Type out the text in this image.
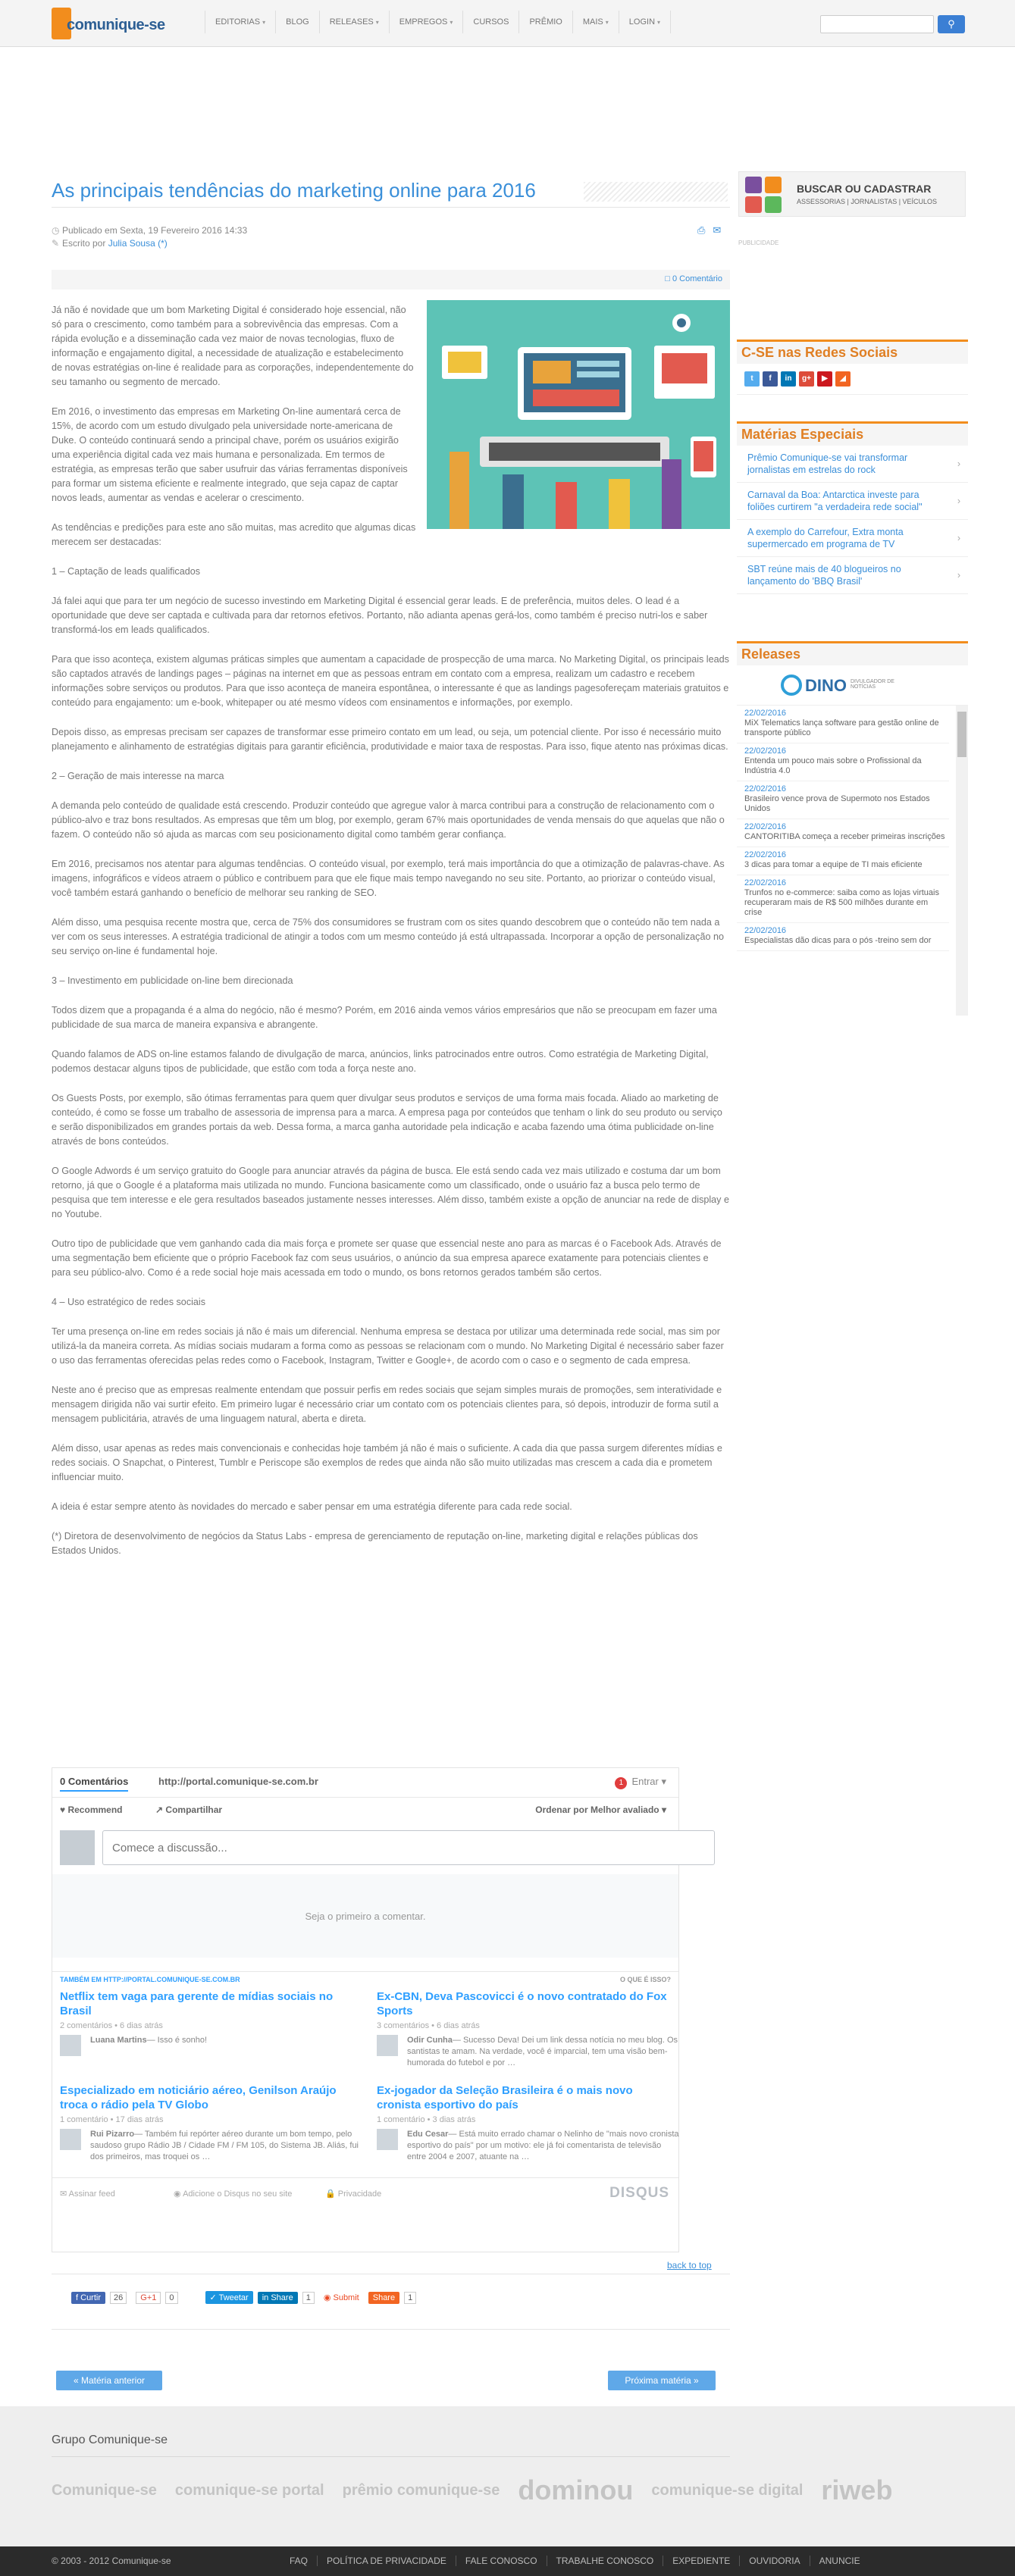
comunique-se	EDITORIAS ▾	BLOG	RELEASES ▾	EMPREGOS ▾	CURSOS	PRÊMIO	MAIS ▾	LOGIN ▾	⚲
As principais tendências do marketing online para 2016
◷ Publicado em Sexta, 19 Fevereiro 2016 14:33
✎ Escrito por Julia Sousa (*)
⎙ ✉
□ 0 Comentário

Já não é novidade que um bom Marketing Digital é considerado hoje essencial, não só para o crescimento, como também para a sobrevivência das empresas. Com a rápida evolução e a disseminação cada vez maior de novas tecnologias, fluxo de informação e engajamento digital, a necessidade de atualização e estabelecimento de novas estratégias on-line é realidade para as corporações, independentemente do seu tamanho ou segmento de mercado.

Em 2016, o investimento das empresas em Marketing On-line aumentará cerca de 15%, de acordo com um estudo divulgado pela universidade norte-americana de Duke. O conteúdo continuará sendo a principal chave, porém os usuários exigirão uma experiência digital cada vez mais humana e personalizada. Em termos de estratégia, as empresas terão que saber usufruir das várias ferramentas disponíveis para formar um sistema eficiente e realmente integrado, que seja capaz de captar novos leads, aumentar as vendas e acelerar o crescimento.

As tendências e predições para este ano são muitas, mas acredito que algumas dicas merecem ser destacadas:

1 – Captação de leads qualificados

Já falei aqui que para ter um negócio de sucesso investindo em Marketing Digital é essencial gerar leads. E de preferência, muitos deles. O lead é a oportunidade que deve ser captada e cultivada para dar retornos efetivos. Portanto, não adianta apenas gerá-los, como também é preciso nutri-los e saber transformá-los em leads qualificados.

Para que isso aconteça, existem algumas práticas simples que aumentam a capacidade de prospecção de uma marca. No Marketing Digital, os principais leads são captados através de landings pages – páginas na internet em que as pessoas entram em contato com a empresa, realizam um cadastro e recebem informações sobre serviços ou produtos. Para que isso aconteça de maneira espontânea, o interessante é que as landings pagesofereçam materiais gratuitos e conteúdo para engajamento: um e-book, whitepaper ou até mesmo vídeos com ensinamentos e informações, por exemplo.

Depois disso, as empresas precisam ser capazes de transformar esse primeiro contato em um lead, ou seja, um potencial cliente. Por isso é necessário muito planejamento e alinhamento de estratégias digitais para garantir eficiência, produtividade e maior taxa de respostas. Para isso, fique atento nas próximas dicas.

2 – Geração de mais interesse na marca

A demanda pelo conteúdo de qualidade está crescendo. Produzir conteúdo que agregue valor à marca contribui para a construção de relacionamento com o público-alvo e traz bons resultados. As empresas que têm um blog, por exemplo, geram 67% mais oportunidades de venda mensais do que aquelas que não o fazem. O conteúdo não só ajuda as marcas com seu posicionamento digital como também gerar confiança.

Em 2016, precisamos nos atentar para algumas tendências. O conteúdo visual, por exemplo, terá mais importância do que a otimização de palavras-chave. As imagens, infográficos e vídeos atraem o público e contribuem para que ele fique mais tempo navegando no seu site. Portanto, ao priorizar o conteúdo visual, você também estará ganhando o benefício de melhorar seu ranking de SEO.

Além disso, uma pesquisa recente mostra que, cerca de 75% dos consumidores se frustram com os sites quando descobrem que o conteúdo não tem nada a ver com os seus interesses. A estratégia tradicional de atingir a todos com um mesmo conteúdo já está ultrapassada. Incorporar a opção de personalização no seu serviço on-line é fundamental hoje.

3 – Investimento em publicidade on-line bem direcionada

Todos dizem que a propaganda é a alma do negócio, não é mesmo? Porém, em 2016 ainda vemos vários empresários que não se preocupam em fazer uma publicidade de sua marca de maneira expansiva e abrangente.

Quando falamos de ADS on-line estamos falando de divulgação de marca, anúncios, links patrocinados entre outros. Como estratégia de Marketing Digital, podemos destacar alguns tipos de publicidade, que estão com toda a força neste ano.

Os Guests Posts, por exemplo, são ótimas ferramentas para quem quer divulgar seus produtos e serviços de uma forma mais focada. Aliado ao marketing de conteúdo, é como se fosse um trabalho de assessoria de imprensa para a marca. A empresa paga por conteúdos que tenham o link do seu produto ou serviço e serão disponibilizados em grandes portais da web. Dessa forma, a marca ganha autoridade pela indicação e acaba fazendo uma ótima publicidade on-line através de bons conteúdos.

O Google Adwords é um serviço gratuito do Google para anunciar através da página de busca. Ele está sendo cada vez mais utilizado e costuma dar um bom retorno, já que o Google é a plataforma mais utilizada no mundo. Funciona basicamente como um classificado, onde o usuário faz a busca pelo termo de pesquisa que tem interesse e ele gera resultados baseados justamente nesses interesses. Além disso, também existe a opção de anunciar na rede de display e no Youtube.

Outro tipo de publicidade que vem ganhando cada dia mais força e promete ser quase que essencial neste ano para as marcas é o Facebook Ads. Através de uma segmentação bem eficiente que o próprio Facebook faz com seus usuários, o anúncio da sua empresa aparece exatamente para potenciais clientes e para seu público-alvo. Como é a rede social hoje mais acessada em todo o mundo, os bons retornos gerados também são certos.

4 – Uso estratégico de redes sociais

Ter uma presença on-line em redes sociais já não é mais um diferencial. Nenhuma empresa se destaca por utilizar uma determinada rede social, mas sim por utilizá-la da maneira correta. As mídias sociais mudaram a forma como as pessoas se relacionam com o mundo. No Marketing Digital é necessário saber fazer o uso das ferramentas oferecidas pelas redes como o Facebook, Instagram, Twitter e Google+, de acordo com o caso e o segmento de cada empresa.

Neste ano é preciso que as empresas realmente entendam que possuir perfis em redes sociais que sejam simples murais de promoções, sem interatividade e mensagem dirigida não vai surtir efeito. Em primeiro lugar é necessário criar um contato com os potenciais clientes para, só depois, introduzir de forma sutil a mensagem publicitária, através de uma linguagem natural, aberta e direta.

Além disso, usar apenas as redes mais convencionais e conhecidas hoje também já não é mais o suficiente. A cada dia que passa surgem diferentes mídias e redes sociais. O Snapchat, o Pinterest, Tumblr e Periscope são exemplos de redes que ainda não são muito utilizadas mas crescem a cada dia e prometem influenciar muito.

A ideia é estar sempre atento às novidades do mercado e saber pensar em uma estratégia diferente para cada rede social.

(*) Diretora de desenvolvimento de negócios da Status Labs - empresa de gerenciamento de reputação on-line, marketing digital e relações públicas dos Estados Unidos.

0 Comentários	http://portal.comunique-se.com.br	1 Entrar ▾
♥ Recommend	↗ Compartilhar	Ordenar por Melhor avaliado ▾
Comece a discussão...
Seja o primeiro a comentar.
TAMBÉM EM HTTP://PORTAL.COMUNIQUE-SE.COM.BR	O QUE É ISSO?
Netflix tem vaga para gerente de mídias sociais no Brasil
2 comentários • 6 dias atrás
Luana Martins— Isso é sonho!
Ex-CBN, Deva Pascovicci é o novo contratado do Fox Sports
3 comentários • 6 dias atrás
Odir Cunha— Sucesso Deva! Dei um link dessa notícia no meu blog. Os santistas te amam. Na verdade, você é imparcial, tem uma visão bem-humorada do futebol e por …
Especializado em noticiário aéreo, Genilson Araújo troca o rádio pela TV Globo
1 comentário • 17 dias atrás
Rui Pizarro— Também fui repórter aéreo durante um bom tempo, pelo saudoso grupo Rádio JB / Cidade FM / FM 105, do Sistema JB. Aliás, fui dos primeiros, mas troquei os …
Ex-jogador da Seleção Brasileira é o mais novo cronista esportivo do país
1 comentário • 3 dias atrás
Edu Cesar— Está muito errado chamar o Nelinho de "mais novo cronista esportivo do país" por um motivo: ele já foi comentarista de televisão entre 2004 e 2007, atuante na …
✉ Assinar feed	◉ Adicione o Disqus no seu site	🔒 Privacidade	DISQUS
back to top
f Curtir	26	G+1	0	✓ Tweetar	in Share	1	◉ Submit	Share	1
« Matéria anterior	Próxima matéria »
BUSCAR OU CADASTRAR
ASSESSORIAS | JORNALISTAS | VEÍCULOS
PUBLICIDADE
C-SE nas Redes Sociais
t	f	in	g+	▶	◢
Matérias Especiais
Prêmio Comunique-se vai transformar jornalistas em estrelas do rock
›
Carnaval da Boa: Antarctica investe para foliões curtirem "a verdadeira rede social"
›
A exemplo do Carrefour, Extra monta supermercado em programa de TV
›
SBT reúne mais de 40 blogueiros no lançamento do 'BBQ Brasil'
›
Releases
DINO DIVULGADOR DE NOTÍCIAS
22/02/2016
MiX Telematics lança software para gestão online de transporte público
22/02/2016
Entenda um pouco mais sobre o Profissional da Indústria 4.0
22/02/2016
Brasileiro vence prova de Supermoto nos Estados Unidos
22/02/2016
CANTORITIBA começa a receber primeiras inscrições
22/02/2016
3 dicas para tomar a equipe de TI mais eficiente
22/02/2016
Trunfos no e-commerce: saiba como as lojas virtuais recuperaram mais de R$ 500 milhões durante em crise
22/02/2016
Especialistas dão dicas para o pós -treino sem dor
Grupo Comunique-se
Comunique-se comunique-se portal prêmio comunique-se dominou comunique-se digital riweb
© 2003 - 2012 Comunique-se	FAQ	POLÍTICA DE PRIVACIDADE	FALE CONOSCO	TRABALHE CONOSCO	EXPEDIENTE	OUVIDORIA	ANUNCIE
